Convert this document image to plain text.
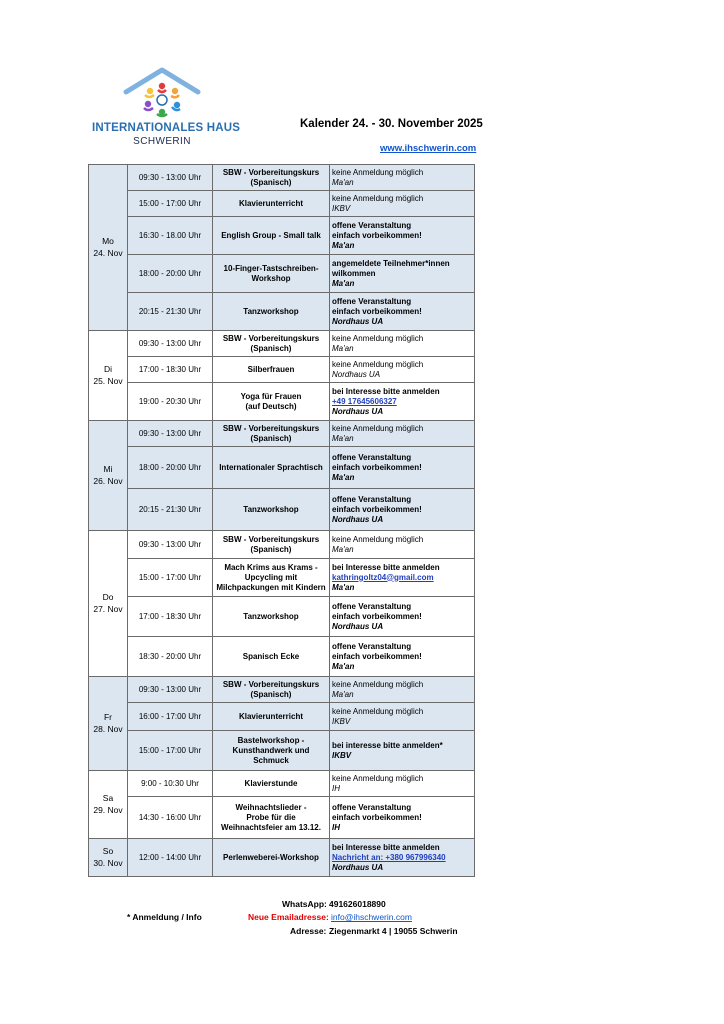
INTERNATIONALES HAUS
SCHWERIN
Kalender 24. - 30. November 2025
www.ihschwerin.com
Mo
24. Nov	09:30 - 13:00 Uhr	SBW - Vorbereitungskurs
(Spanisch)	keine Anmeldung möglich
Ma'an

	15:00 - 17:00 Uhr	Klavierunterricht	keine Anmeldung möglich
IKBV

	16:30 - 18.00 Uhr	English Group - Small talk	offene Veranstaltung
einfach vorbeikommen!
Ma'an

	18:00 - 20:00 Uhr	10-Finger-Tastschreiben-
Workshop	angemeldete Teilnehmer*innen
wilkommen
Ma'an

	20:15 - 21:30 Uhr	Tanzworkshop	offene Veranstaltung
einfach vorbeikommen!
Nordhaus UA

Di
25. Nov	09:30 - 13:00 Uhr	SBW - Vorbereitungskurs
(Spanisch)	keine Anmeldung möglich
Ma'an

	17:00 - 18:30 Uhr	Silberfrauen	keine Anmeldung möglich
Nordhaus UA

	19:00 - 20:30 Uhr	Yoga für Frauen
(auf Deutsch)	bei Interesse bitte anmelden
+49 17645606327
Nordhaus UA

Mi
26. Nov	09:30 - 13:00 Uhr	SBW - Vorbereitungskurs
(Spanisch)	keine Anmeldung möglich
Ma'an

	18:00 - 20:00 Uhr	Internationaler Sprachtisch	offene Veranstaltung
einfach vorbeikommen!
Ma'an

	20:15 - 21:30 Uhr	Tanzworkshop	offene Veranstaltung
einfach vorbeikommen!
Nordhaus UA

Do
27. Nov	09:30 - 13:00 Uhr	SBW - Vorbereitungskurs
(Spanisch)	keine Anmeldung möglich
Ma'an

	15:00 - 17:00 Uhr	Mach Krims aus Krams -
Upcycling mit
Milchpackungen mit Kindern	bei Interesse bitte anmelden
kathringoltz04@gmail.com
Ma'an

	17:00 - 18:30 Uhr	Tanzworkshop	offene Veranstaltung
einfach vorbeikommen!
Nordhaus UA

	18:30 - 20:00 Uhr	Spanisch Ecke	offene Veranstaltung
einfach vorbeikommen!
Ma'an

Fr
28. Nov	09:30 - 13:00 Uhr	SBW - Vorbereitungskurs
(Spanisch)	keine Anmeldung möglich
Ma'an

	16:00 - 17:00 Uhr	Klavierunterricht	keine Anmeldung möglich
IKBV

	15:00 - 17:00 Uhr	Bastelworkshop -
Kunsthandwerk und
Schmuck	bei interesse bitte anmelden*
IKBV

Sa
29. Nov	9:00 - 10:30 Uhr	Klavierstunde	keine Anmeldung möglich
IH

	14:30 - 16:00 Uhr	Weihnachtslieder -
Probe für die
Weihnachtsfeier am 13.12.	offene Veranstaltung
einfach vorbeikommen!
IH

So
30. Nov	12:00 - 14:00 Uhr	Perlenweberei-Workshop	bei Interesse bitte anmelden
Nachricht an: +380 967996340
Nordhaus UA
WhatsApp: 491626018890
* Anmeldung / Info	Neue Emailadresse: info@ihschwerin.com
Adresse: Ziegenmarkt 4 | 19055 Schwerin
